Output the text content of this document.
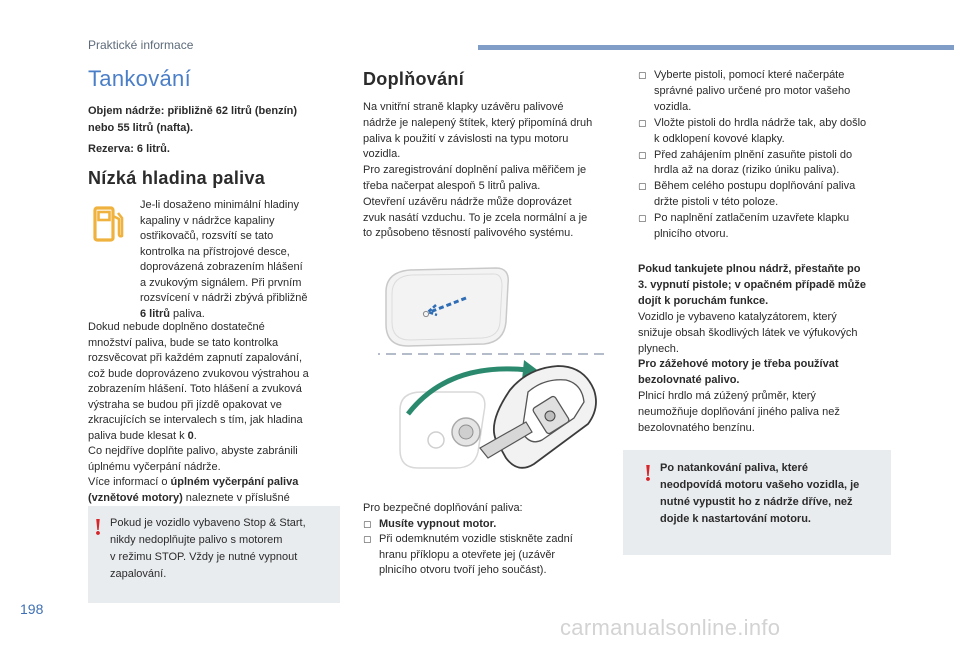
Praktické informace
Tankování
Objem nádrže: přibližně 62 litrů (benzín)
nebo 55 litrů (nafta).
Rezerva: 6 litrů.
Nízká hladina paliva
Je-li dosaženo minimální hladiny
kapaliny v nádržce kapaliny
ostřikovačů, rozsvítí se tato
kontrolka na přístrojové desce,
doprovázená zobrazením hlášení
a zvukovým signálem. Při prvním
rozsvícení v nádrži zbývá přibližně
6 litrů paliva.
Dokud nebude doplněno dostatečné
množství paliva, bude se tato kontrolka
rozsvěcovat při každém zapnutí zapalování,
což bude doprovázeno zvukovou výstrahou a
zobrazením hlášení. Toto hlášení a zvuková
výstraha se budou při jízdě opakovat ve
zkracujících se intervalech s tím, jak hladina
paliva bude klesat k 0.
Co nejdříve doplňte palivo, abyste zabránili
úplnému vyčerpání nádrže.
Více informací o úplném vyčerpání paliva
(vznětové motory) naleznete v příslušné
! Pokud je vozidlo vybaveno Stop & Start,
nikdy nedoplňujte palivo s motorem
v režimu STOP. Vždy je nutné vypnout
zapalování.
Doplňování
Na vnitřní straně klapky uzávěru palivové
nádrže je nalepený štítek, který připomíná druh
paliva k použití v závislosti na typu motoru
vozidla.
Pro zaregistrování doplnění paliva měřičem je
třeba načerpat alespoň 5 litrů paliva.
Otevření uzávěru nádrže může doprovázet
zvuk nasátí vzduchu. To je zcela normální a je
to způsobeno těsností palivového systému.
Pro bezpečné doplňování paliva:
▢ Musíte vypnout motor.
▢ Při odemknutém vozidle stiskněte zadní
hranu příklopu a otevřete jej (uzávěr
plnicího otvoru tvoří jeho součást).
▢ Vyberte pistoli, pomocí které načerpáte
správné palivo určené pro motor vašeho
vozidla.
▢ Vložte pistoli do hrdla nádrže tak, aby došlo
k odklopení kovové klapky.
▢ Před zahájením plnění zasuňte pistoli do
hrdla až na doraz (riziko úniku paliva).
▢ Během celého postupu doplňování paliva
držte pistoli v této poloze.
▢ Po naplnění zatlačením uzavřete klapku
plnicího otvoru.
Pokud tankujete plnou nádrž, přestaňte po
3. vypnutí pistole; v opačném případě může
dojít k poruchám funkce.
Vozidlo je vybaveno katalyzátorem, který
snižuje obsah škodlivých látek ve výfukových
plynech.
Pro zážehové motory je třeba používat
bezolovnaté palivo.
Plnicí hrdlo má zúžený průměr, který
neumožňuje doplňování jiného paliva než
bezolovnatého benzínu.
! Po natankování paliva, které
neodpovídá motoru vašeho vozidla, je
nutné vypustit ho z nádrže dříve, než
dojde k nastartování motoru.
198
carmanualsonline.info
